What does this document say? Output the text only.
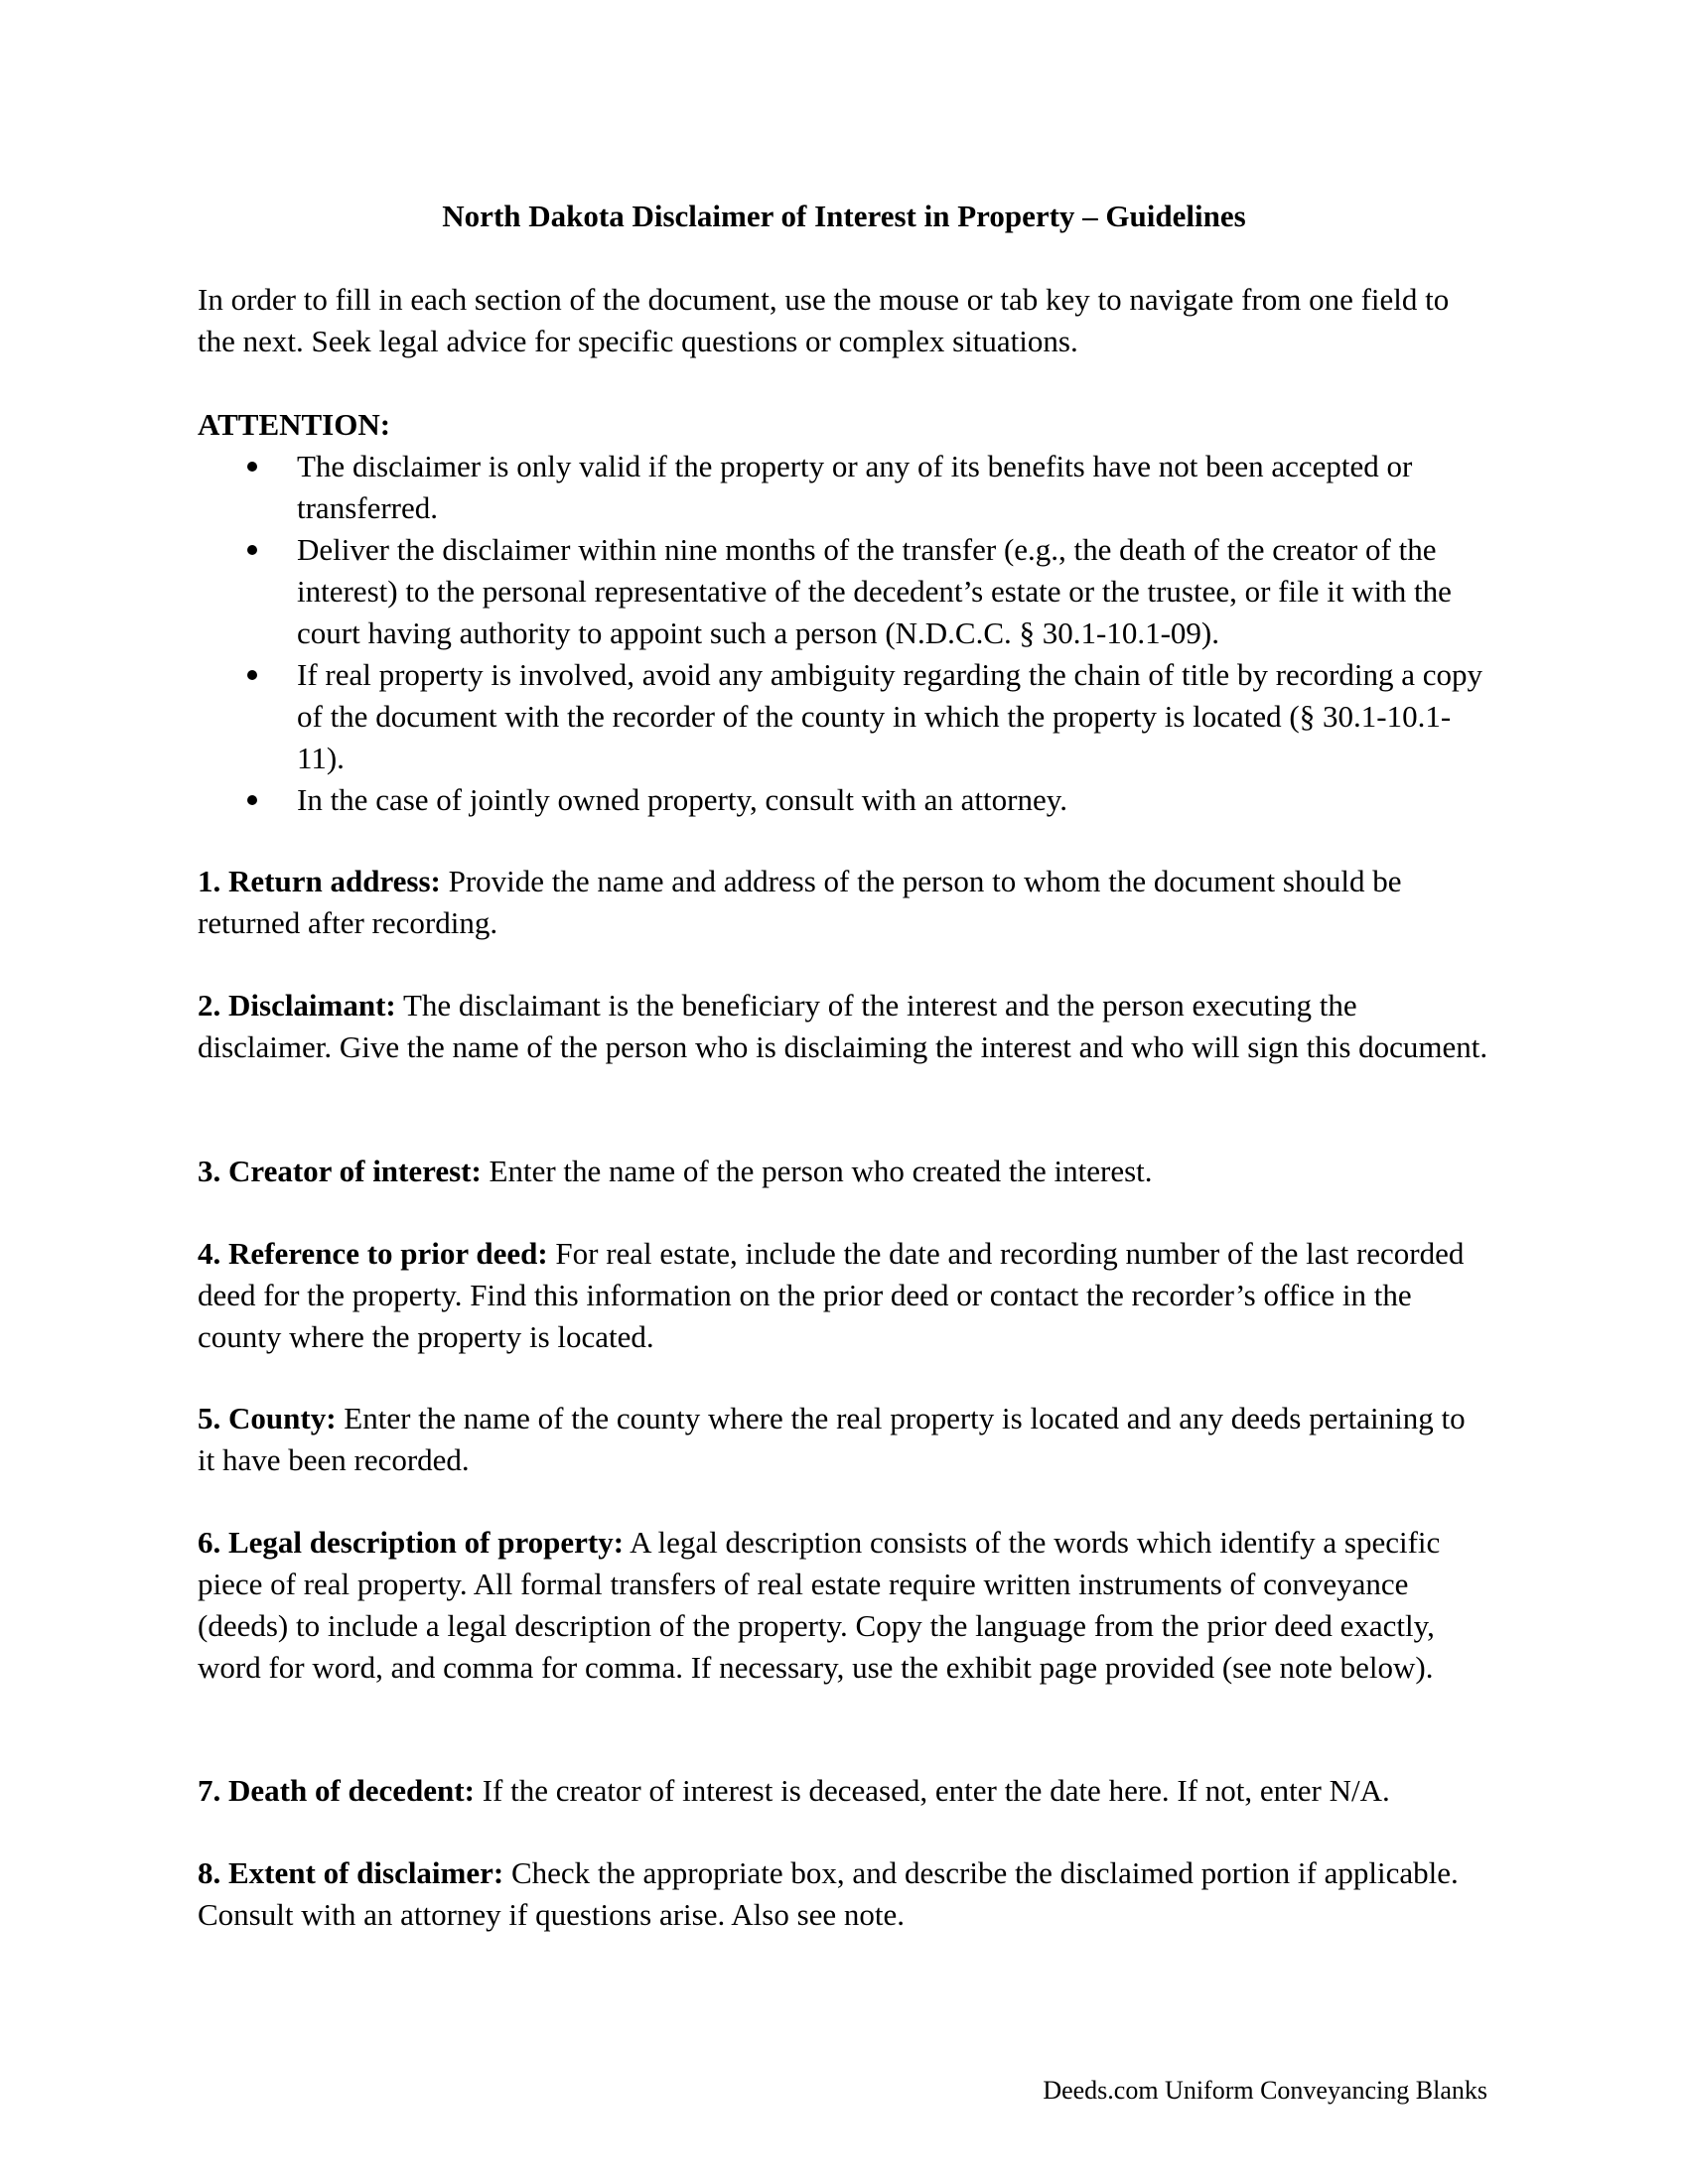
North Dakota Disclaimer of Interest in Property – Guidelines
In order to fill in each section of the document, use the mouse or tab key to navigate from one field to the next. Seek legal advice for specific questions or complex situations.
ATTENTION:
The disclaimer is only valid if the property or any of its benefits have not been accepted or transferred.
Deliver the disclaimer within nine months of the transfer (e.g., the death of the creator of the interest) to the personal representative of the decedent’s estate or the trustee, or file it with the court having authority to appoint such a person (N.D.C.C. § 30.1-10.1-09).
If real property is involved, avoid any ambiguity regarding the chain of title by recording a copy of the document with the recorder of the county in which the property is located (§ 30.1-10.1-11).
In the case of jointly owned property, consult with an attorney.
1. Return address: Provide the name and address of the person to whom the document should be returned after recording.
2. Disclaimant: The disclaimant is the beneficiary of the interest and the person executing the disclaimer. Give the name of the person who is disclaiming the interest and who will sign this document.
3. Creator of interest: Enter the name of the person who created the interest.
4. Reference to prior deed: For real estate, include the date and recording number of the last recorded deed for the property. Find this information on the prior deed or contact the recorder’s office in the county where the property is located.
5. County: Enter the name of the county where the real property is located and any deeds pertaining to it have been recorded.
6. Legal description of property: A legal description consists of the words which identify a specific piece of real property. All formal transfers of real estate require written instruments of conveyance (deeds) to include a legal description of the property. Copy the language from the prior deed exactly, word for word, and comma for comma. If necessary, use the exhibit page provided (see note below).
7. Death of decedent: If the creator of interest is deceased, enter the date here. If not, enter N/A.
8. Extent of disclaimer: Check the appropriate box, and describe the disclaimed portion if applicable. Consult with an attorney if questions arise. Also see note.
Deeds.com Uniform Conveyancing Blanks
